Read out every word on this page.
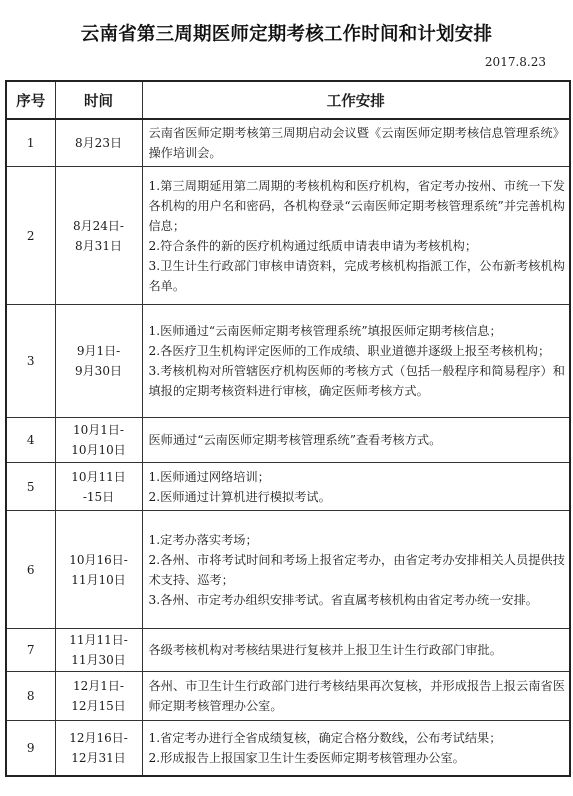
云南省第三周期医师定期考核工作时间和计划安排
2017.8.23
序号	时间	工作安排
1	8月23日	云南省医师定期考核第三周期启动会议暨《云南医师定期考核信息管理系统》操作培训会。

2	8月24日-
8月31日	1.第三周期延用第二周期的考核机构和医疗机构，省定考办按州、市统一下发各机构的用户名和密码，各机构登录“云南医师定期考核管理系统”并完善机构信息；
2.符合条件的新的医疗机构通过纸质申请表申请为考核机构；
3.卫生计生行政部门审核申请资料，完成考核机构指派工作，公布新考核机构名单。

3	9月1日-
9月30日	1.医师通过“云南医师定期考核管理系统”填报医师定期考核信息；
2.各医疗卫生机构评定医师的工作成绩、职业道德并逐级上报至考核机构；
3.考核机构对所管辖医疗机构医师的考核方式（包括一般程序和简易程序）和填报的定期考核资料进行审核，确定医师考核方式。

4	10月1日-
10月10日	医师通过“云南医师定期考核管理系统”查看考核方式。

5	10月11日
-15日	1.医师通过网络培训；
2.医师通过计算机进行模拟考试。

6	10月16日-
11月10日	1.定考办落实考场；
2.各州、市将考试时间和考场上报省定考办，由省定考办安排相关人员提供技术支持、巡考；
3.各州、市定考办组织安排考试。省直属考核机构由省定考办统一安排。

7	11月11日-
11月30日	各级考核机构对考核结果进行复核并上报卫生计生行政部门审批。

8	12月1日-
12月15日	各州、市卫生计生行政部门进行考核结果再次复核，并形成报告上报云南省医师定期考核管理办公室。

9	12月16日-
12月31日	1.省定考办进行全省成绩复核，确定合格分数线，公布考试结果；
2.形成报告上报国家卫生计生委医师定期考核管理办公室。
